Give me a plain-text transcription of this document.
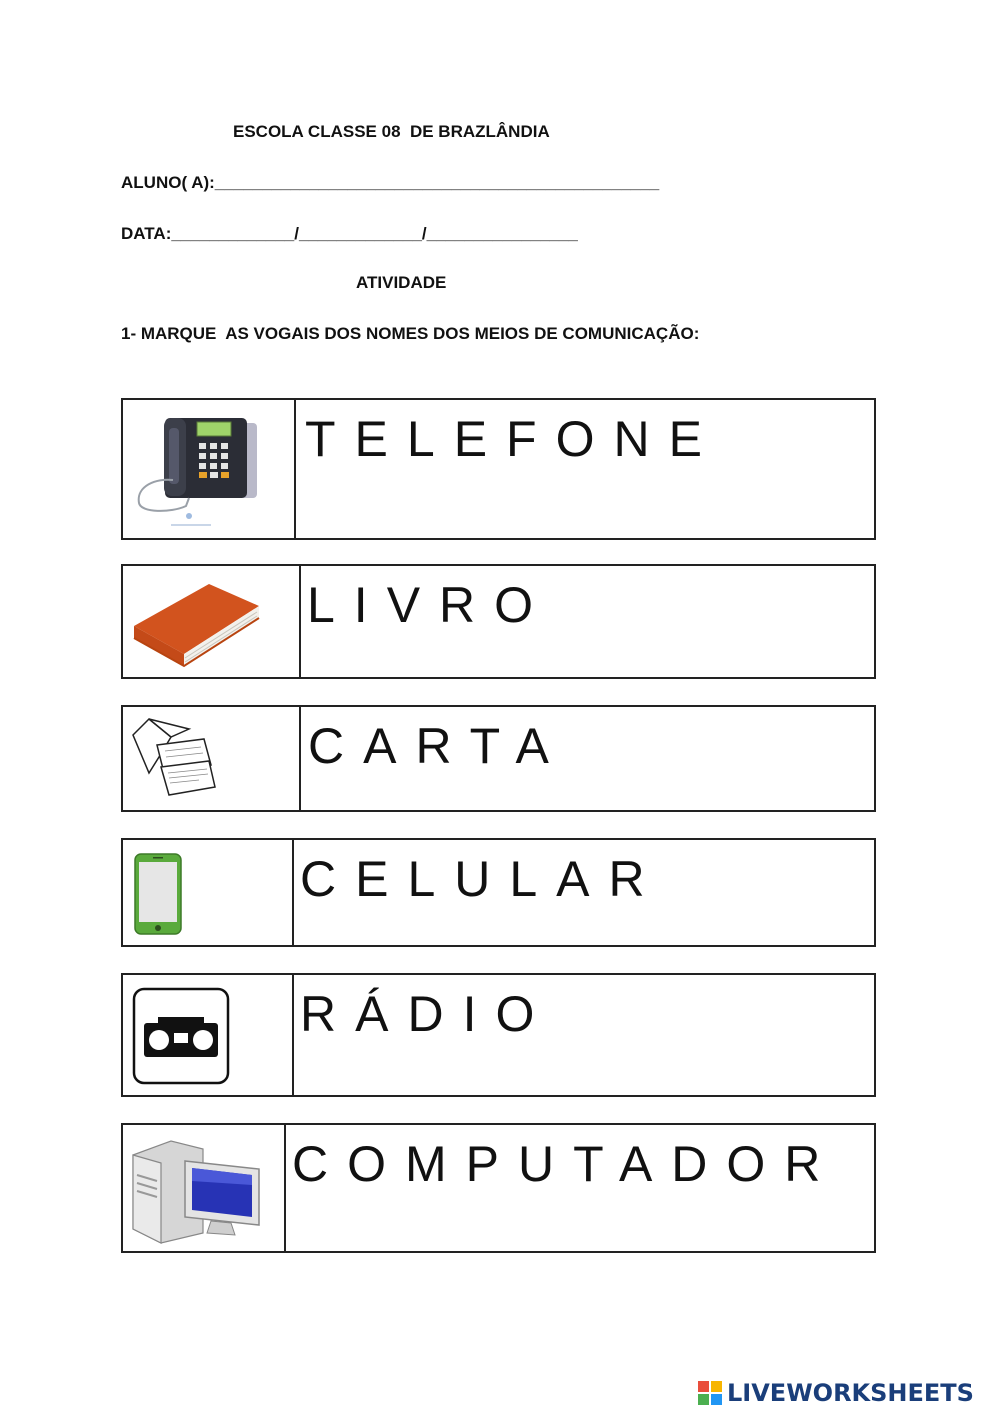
ESCOLA CLASSE 08  DE BRAZLÂNDIA
ALUNO( A):_______________________________________________
DATA:_____________/_____________/________________
ATIVIDADE
1- MARQUE  AS VOGAIS DOS NOMES DOS MEIOS DE COMUNICAÇÃO:
TELEFONE
LIVRO
CARTA
CELULAR
RÁDIO
COMPUTADOR
LIVEWORKSHEETS
